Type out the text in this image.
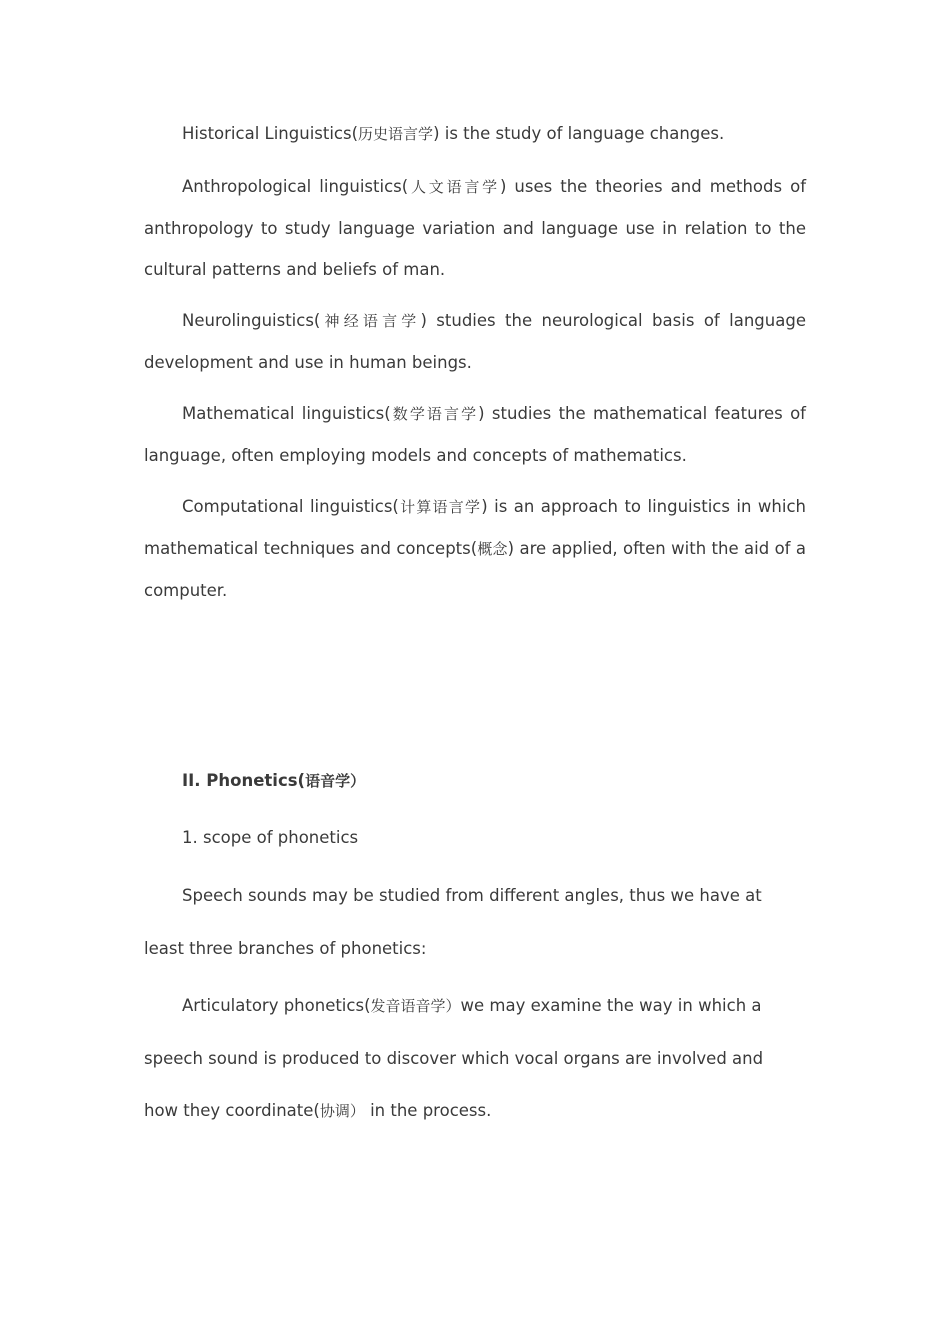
Historical Linguistics(历史语言学) is the study of language changes.

Anthropological linguistics(人文语言学) uses the theories and methods of anthropology to study language variation and language use in relation to the cultural patterns and beliefs of man.

Neurolinguistics(神经语言学) studies the neurological basis of language development and use in human beings.

Mathematical linguistics(数学语言学) studies the mathematical features of language, often employing models and concepts of mathematics.

Computational linguistics(计算语言学) is an approach to linguistics in which mathematical techniques and concepts(概念) are applied, often with the aid of a computer.

II. Phonetics(语音学）

1. scope of phonetics

Speech sounds may be studied from different angles, thus we have at least three branches of phonetics:

Articulatory phonetics(发音语音学）we may examine the way in which a speech sound is produced to discover which vocal organs are involved and how they coordinate(协调） in the process.
